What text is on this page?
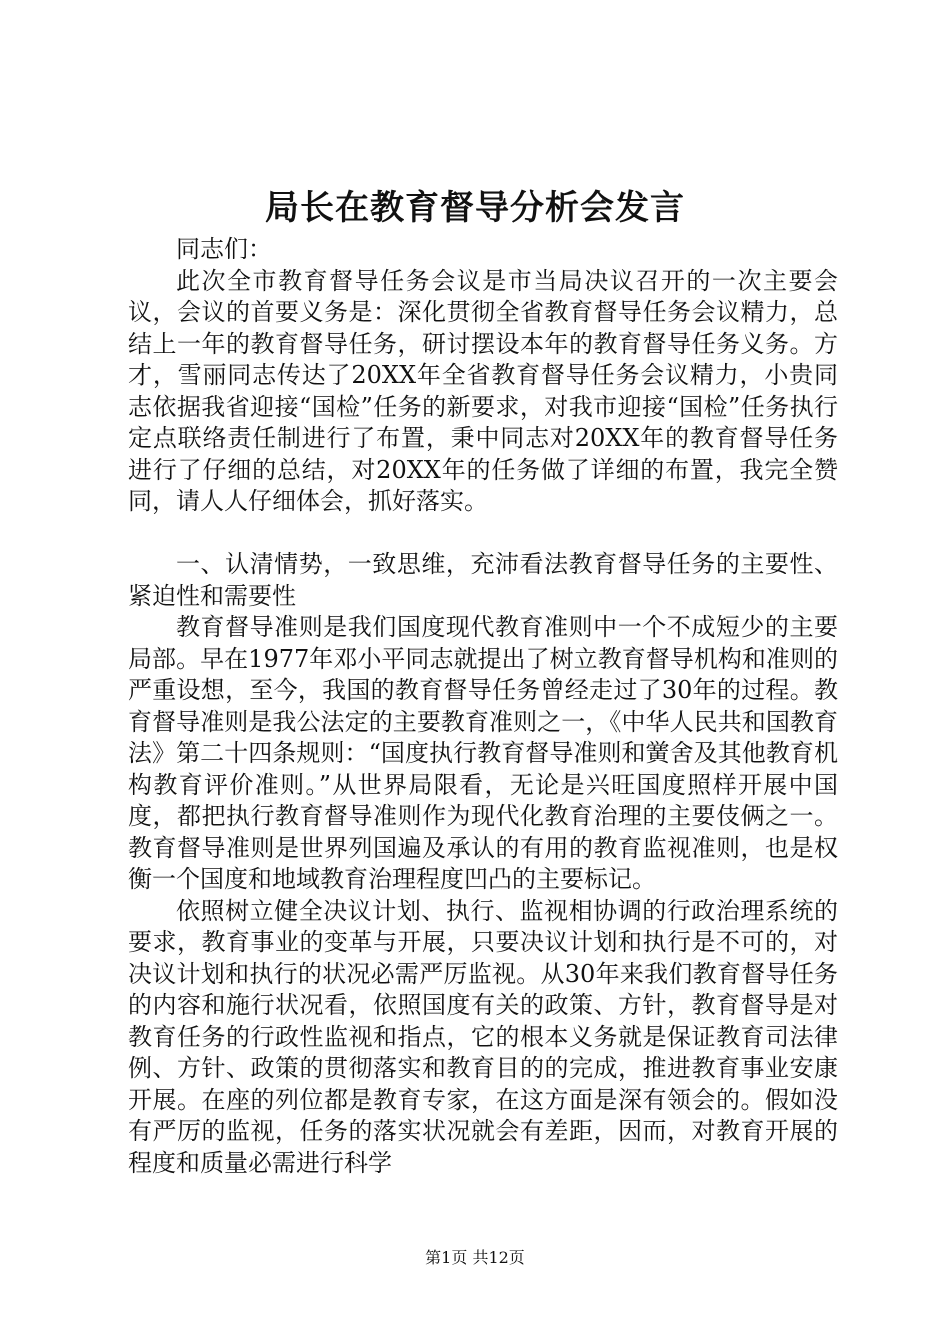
局长在教育督导分析会发言

同志们：

此次全市教育督导任务会议是市当局决议召开的一次主要会议，会议的首要义务是：深化贯彻全省教育督导任务会议精力，总结上一年的教育督导任务，研讨摆设本年的教育督导任务义务。方才，雪丽同志传达了20XX年全省教育督导任务会议精力，小贵同志依据我省迎接“国检”任务的新要求，对我市迎接“国检”任务执行定点联络责任制进行了布置，秉中同志对20XX年的教育督导任务进行了仔细的总结，对20XX年的任务做了详细的布置，我完全赞同，请人人仔细体会，抓好落实。

一、认清情势，一致思维，充沛看法教育督导任务的主要性、紧迫性和需要性

教育督导准则是我们国度现代教育准则中一个不成短少的主要局部。早在1977年邓小平同志就提出了树立教育督导机构和准则的严重设想，至今，我国的教育督导任务曾经走过了30年的过程。教育督导准则是我公法定的主要教育准则之一，《中华人民共和国教育法》第二十四条规则：“国度执行教育督导准则和黉舍及其他教育机构教育评价准则。”从世界局限看，无论是兴旺国度照样开展中国度，都把执行教育督导准则作为现代化教育治理的主要伎俩之一。教育督导准则是世界列国遍及承认的有用的教育监视准则，也是权衡一个国度和地域教育治理程度凹凸的主要标记。

依照树立健全决议计划、执行、监视相协调的行政治理系统的要求，教育事业的变革与开展，只要决议计划和执行是不可的，对决议计划和执行的状况必需严厉监视。从30年来我们教育督导任务的内容和施行状况看，依照国度有关的政策、方针，教育督导是对教育任务的行政性监视和指点，它的根本义务就是保证教育司法律例、方针、政策的贯彻落实和教育目的的完成，推进教育事业安康开展。在座的列位都是教育专家，在这方面是深有领会的。假如没有严厉的监视，任务的落实状况就会有差距，因而，对教育开展的程度和质量必需进行科学

第1页 共12页
